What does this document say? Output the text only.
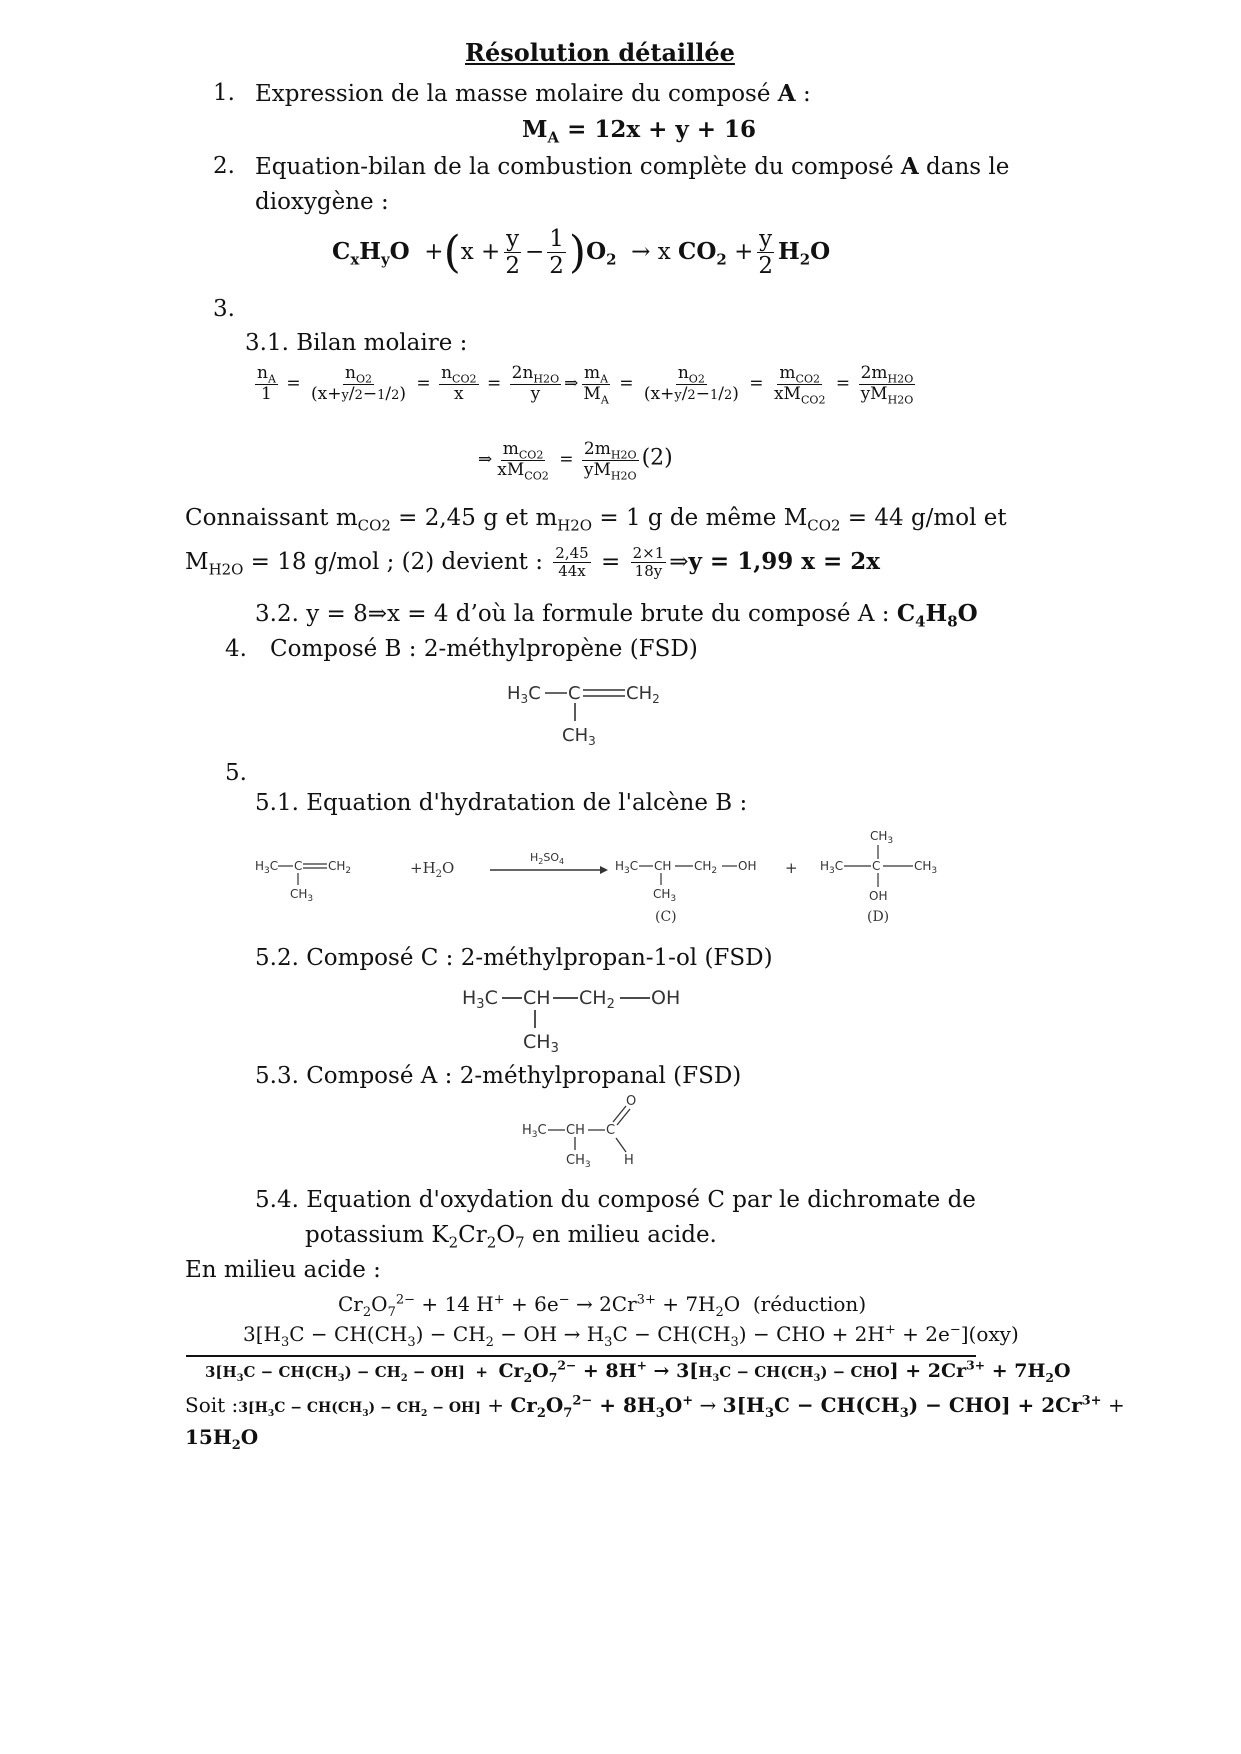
Résolution détaillée
1. Expression de la masse molaire du composé A :
$M_A = 12x + y + 16$
2. Equation-bilan de la combustion complète du composé A dans le
dioxygène :
$C_xH_yO +(x + \frac{y}{2} - \frac{1}{2} )O_2 \to x$ $CO_2 + \frac{y}{2} H_2O$
3.
3.1. Bilan molaire :
$\frac{n_A}{1} = \frac{n_{O2}}{(x+y/2-1/2)} = \frac{n_{CO2}}{x} = \frac{2n_{H2O}}{y}$ ⇒ $\frac{m_A}{M_A} = \frac{n_{O2}}{(x+y/2-1/2)} = \frac{m_{CO2}}{xM_{CO2}} = \frac{2m_{H2O}}{yM_{H2O}}$
⇒ $\frac{m_{CO2}}{xM_{CO2}} = \frac{2m_{H2O}}{yM_{H2O}} (2)$
Connaissant $m_{CO2} = 2,45$ g et $m_{H2O} = 1$ g de même $M_{CO2} = 44$ g/mol et
$M_{H2O} = 18$ g/mol ; (2) devient : $\frac{2,45}{44x} = \frac{2\times 1}{18y}$ ⇒y = 1,99 x = 2x
3.2. y = 8⇒x = 4 d’où la formule brute du composé A : $C_4H_8O$
4. Composé B : 2-méthylpropène (FSD)
$H_3C$ C	$CH_2$
$CH_3$
5.
5.1. Equation d'hydratation de l'alcène B :
$H_3C$ C $CH_2$
$CH_3$
$+H_2O$
$H_2SO_4$	$H_3C$ CH $CH_2$ OH
$CH_3$
(C)
+
$CH_3$
$H_3C$ C	$CH_3$
OH
(D)
5.2. Composé C : 2-méthylpropan-1-ol (FSD)
$H_3C$ CH $CH_2$ OH
$CH_3$
5.3. Composé A : 2-méthylpropanal (FSD)
$H_3C$ CH C
O
H
$CH_3$
5.4. Equation d'oxydation du composé C par le dichromate de
potassium $K_2Cr_2O_7$ en milieu acide.
En milieu acide :
$Cr_2O_7^{2-} + 14$ $H^+ + 6e^- \to 2Cr^{3+} + 7H_2O$  (réduction)
$3[H_3C - CH(CH_3) - CH_2$ − OH → $H_3C - CH(CH_3)$ − CHO + 2H+ + 2e−](oxy)
$3[H_3C - CH(CH_3) - CH_2 - OH] + Cr_2O_7^{2-} + 8H^+ \to 3[H_3C - CH(CH_3) - CHO] + 2Cr^{3+} + 7H_2O$
Soit $:3[H_3C - CH(CH_3) - CH_2 - OH] + Cr_2O_7^{2-} + 8H_3O^+ \to 3[H_3C - CH(CH_3) - CHO] + 2Cr^{3+}$ +
$15H_2O$
